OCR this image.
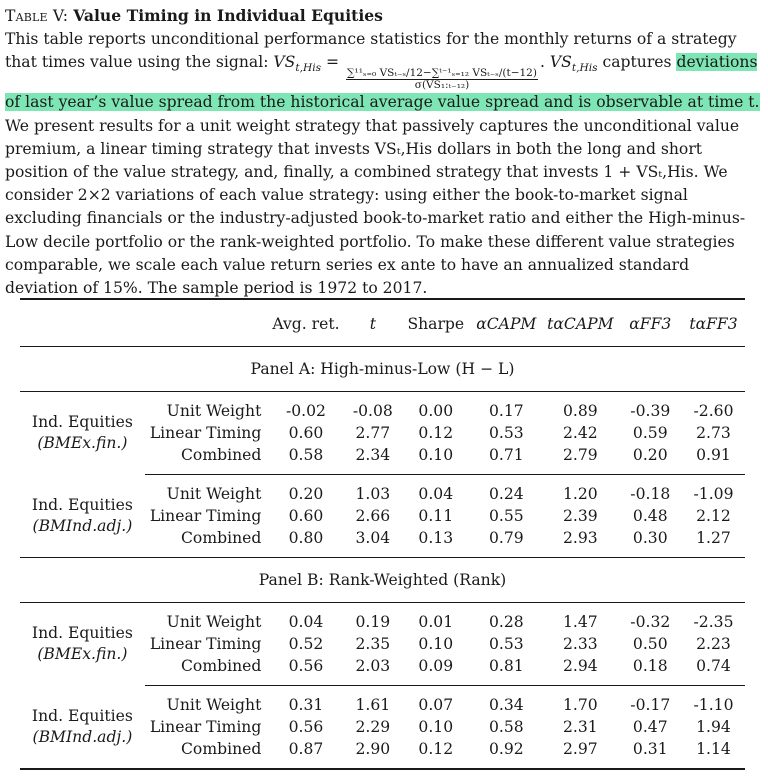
Table V: Value Timing in Individual Equities
This table reports unconditional performance statistics for the monthly returns of a strategy that times value using the signal: $VS_{t,His}$ =
$\frac{\text{∑¹¹ₛ₌₀ VSₜ₋ₛ/12−∑ᵗ⁻¹ₛ₌₁₂ VSₜ₋ₛ/(t−12)}}{\text{σ(VS₁:ₜ₋₁₂)}}$
. $VS_{t,His}$ captures deviations of last year’s value spread from the historical average value spread and is observable at time t. We present results for a unit weight strategy that passively captures the unconditional value premium, a linear timing strategy that invests VSₜ,His dollars in both the long and short position of the value strategy, and, finally, a combined strategy that invests 1 + VSₜ,His. We consider 2×2 variations of each value strategy: using either the book-to-market signal excluding financials or the industry-adjusted book-to-market ratio and either the High-minus-Low decile portfolio or the rank-weighted portfolio. To make these different value strategies comparable, we scale each value return series ex ante to have an annualized standard deviation of 15%. The sample period is 1972 to 2017.

		Avg. ret.	t	Sharpe	αCAPM	tαCAPM	αFF3	tαFF3

Panel A: High-minus-Low (H − L)								

Ind. Equities
(BMEx.fin.)	Unit Weight	-0.02	-0.08	0.00	0.17	0.89	-0.39	-2.60
	Linear Timing	0.60	2.77	0.12	0.53	2.42	0.59	2.73
	Combined	0.58	2.34	0.10	0.71	2.79	0.20	0.91

Ind. Equities
(BMInd.adj.)	Unit Weight	0.20	1.03	0.04	0.24	1.20	-0.18	-1.09
	Linear Timing	0.60	2.66	0.11	0.55	2.39	0.48	2.12
	Combined	0.80	3.04	0.13	0.79	2.93	0.30	1.27

Panel B: Rank-Weighted (Rank)								

Ind. Equities
(BMEx.fin.)	Unit Weight	0.04	0.19	0.01	0.28	1.47	-0.32	-2.35
	Linear Timing	0.52	2.35	0.10	0.53	2.33	0.50	2.23
	Combined	0.56	2.03	0.09	0.81	2.94	0.18	0.74

Ind. Equities
(BMInd.adj.)	Unit Weight	0.31	1.61	0.07	0.34	1.70	-0.17	-1.10
	Linear Timing	0.56	2.29	0.10	0.58	2.31	0.47	1.94
	Combined	0.87	2.90	0.12	0.92	2.97	0.31	1.14
